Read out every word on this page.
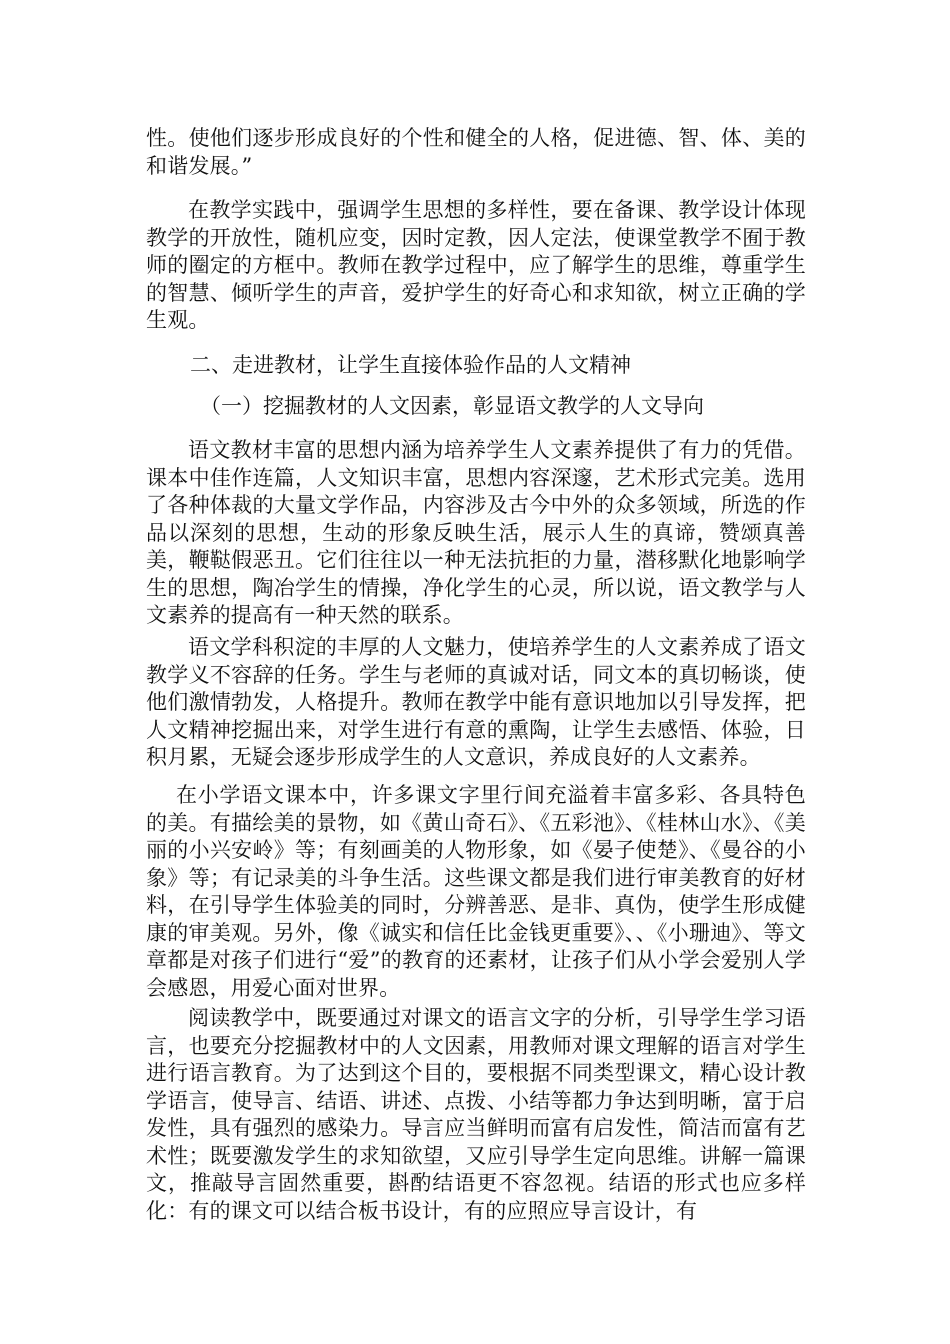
性。使他们逐步形成良好的个性和健全的人格，促进德、智、体、美的和谐发展。”

在教学实践中，强调学生思想的多样性，要在备课、教学设计体现教学的开放性，随机应变，因时定教，因人定法，使课堂教学不囿于教师的圈定的方框中。教师在教学过程中，应了解学生的思维，尊重学生的智慧、倾听学生的声音，爱护学生的好奇心和求知欲，树立正确的学生观。

二、走进教材，让学生直接体验作品的人文精神

（一）挖掘教材的人文因素，彰显语文教学的人文导向

语文教材丰富的思想内涵为培养学生人文素养提供了有力的凭借。课本中佳作连篇，人文知识丰富，思想内容深邃，艺术形式完美。选用了各种体裁的大量文学作品，内容涉及古今中外的众多领域，所选的作品以深刻的思想，生动的形象反映生活，展示人生的真谛，赞颂真善美，鞭鞑假恶丑。它们往往以一种无法抗拒的力量，潜移默化地影响学生的思想，陶冶学生的情操，净化学生的心灵，所以说，语文教学与人文素养的提高有一种天然的联系。

语文学科积淀的丰厚的人文魅力，使培养学生的人文素养成了语文教学义不容辞的任务。学生与老师的真诚对话，同文本的真切畅谈，使他们激情勃发，人格提升。教师在教学中能有意识地加以引导发挥，把人文精神挖掘出来，对学生进行有意的熏陶，让学生去感悟、体验，日积月累，无疑会逐步形成学生的人文意识，养成良好的人文素养。

在小学语文课本中，许多课文字里行间充溢着丰富多彩、各具特色的美。有描绘美的景物，如《黄山奇石》、《五彩池》、《桂林山水》、《美丽的小兴安岭》等；有刻画美的人物形象，如《晏子使楚》、《曼谷的小象》等；有记录美的斗争生活。这些课文都是我们进行审美教育的好材料，在引导学生体验美的同时，分辨善恶、是非、真伪，使学生形成健康的审美观。另外，像《诚实和信任比金钱更重要》、、《小珊迪》、等文章都是对孩子们进行“爱”的教育的还素材，让孩子们从小学会爱别人学会感恩，用爱心面对世界。

阅读教学中，既要通过对课文的语言文字的分析，引导学生学习语言，也要充分挖掘教材中的人文因素，用教师对课文理解的语言对学生进行语言教育。为了达到这个目的，要根据不同类型课文，精心设计教学语言，使导言、结语、讲述、点拨、小结等都力争达到明晰，富于启发性，具有强烈的感染力。导言应当鲜明而富有启发性，简洁而富有艺术性；既要激发学生的求知欲望，又应引导学生定向思维。讲解一篇课文，推敲导言固然重要，斟酌结语更不容忽视。结语的形式也应多样化：有的课文可以结合板书设计，有的应照应导言设计，有
